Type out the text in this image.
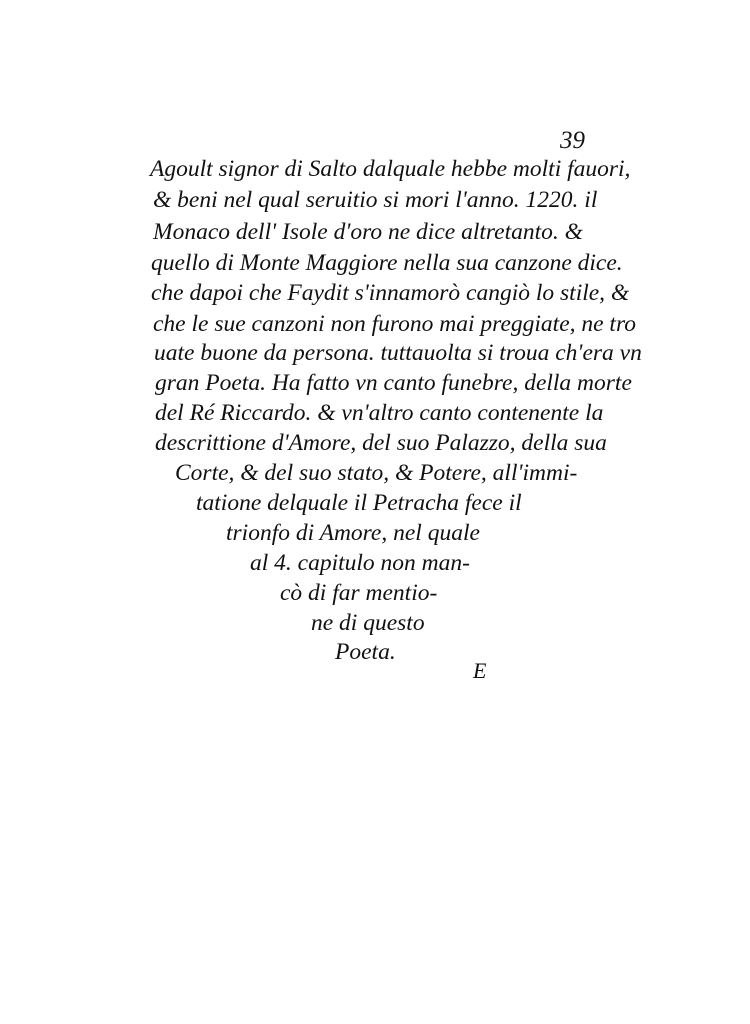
39
Agoult signor di Salto dalquale hebbe molti fauori,
& beni nel qual seruitio si mori l'anno. 1220. il
Monaco dell' Isole d'oro ne dice altretanto. &
quello di Monte Maggiore nella sua canzone dice.
che dapoi che Faydit s'innamorò cangiò lo stile, &
che le sue canzoni non furono mai preggiate, ne tro
uate buone da persona. tuttauolta si troua ch'era vn
gran Poeta. Ha fatto vn canto funebre, della morte
del Ré Riccardo. & vn'altro canto contenente la
descrittione d'Amore, del suo Palazzo, della sua
Corte, & del suo stato, & Potere, all'immi-
tatione delquale il Petracha fece il
trionfo di Amore, nel quale
al 4. capitulo non man-
cò di far mentio-
ne di questo
Poeta.
E
